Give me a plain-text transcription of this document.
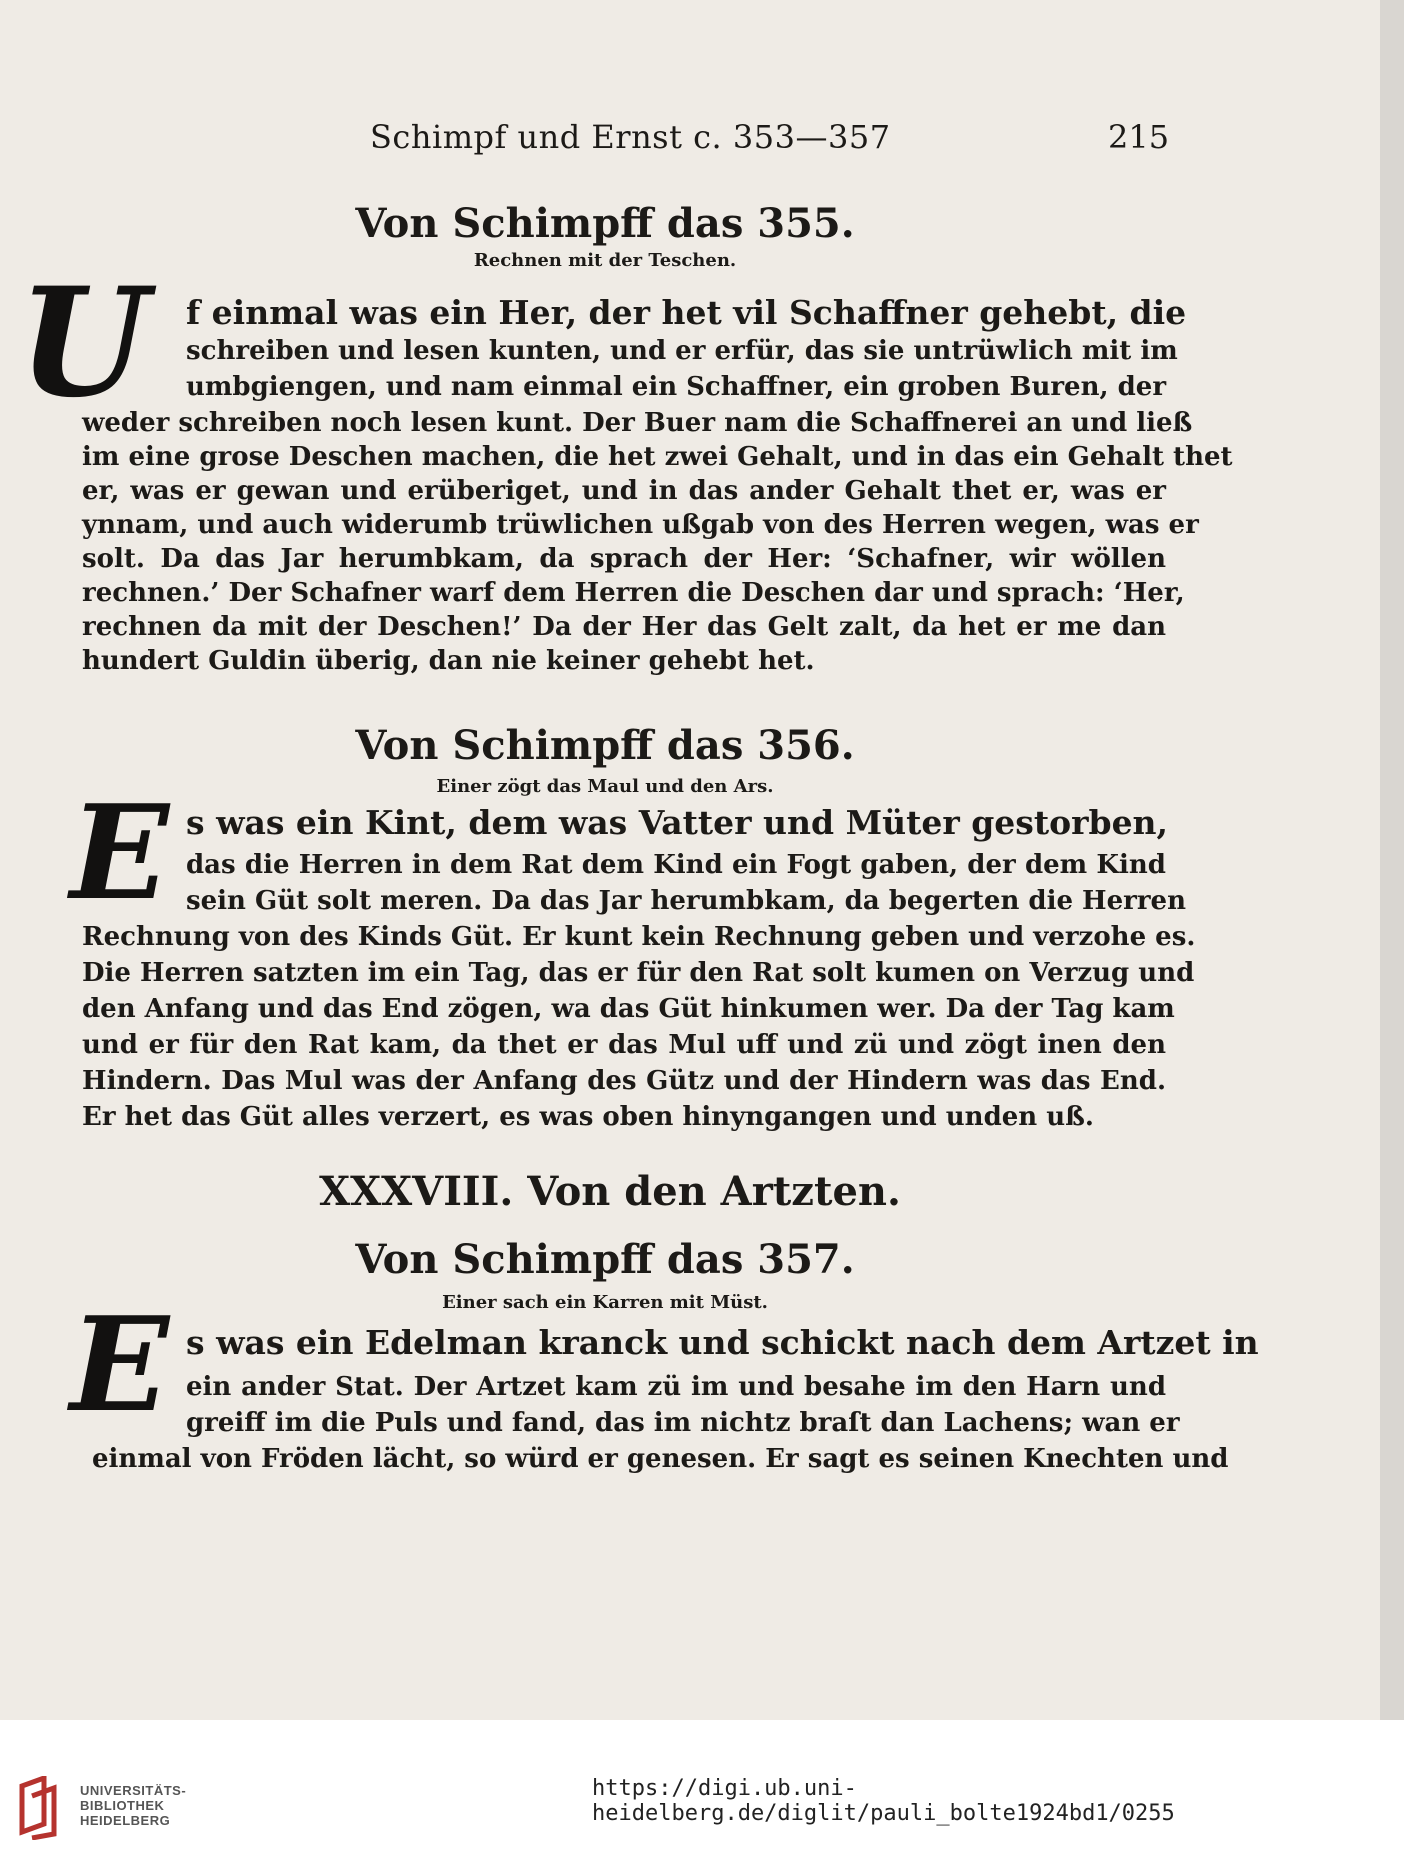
Schimpf und Ernst c. 353—357	215
Von Schimpff das 355.
Rechnen mit der Teschen.
U f einmal was ein Her, der het vil Schaffner gehebt, die
schreiben und lesen kunten, und er erfür, das sie untrüwlich mit im
umbgiengen, und nam einmal ein Schaffner, ein groben Buren, der
weder schreiben noch lesen kunt. Der Buer nam die Schaffnerei an und ließ
im eine grose Deschen machen, die het zwei Gehalt, und in das ein Gehalt thet
er, was er gewan und erüberiget, und in das ander Gehalt thet er, was er
ynnam, und auch widerumb trüwlichen ußgab von des Herren wegen, was er
solt. Da das Jar herumbkam, da sprach der Her: ‘Schafner, wir wöllen
rechnen.’ Der Schafner warf dem Herren die Deschen dar und sprach: ‘Her,
rechnen da mit der Deschen!’ Da der Her das Gelt zalt, da het er me dan
hundert Guldin überig, dan nie keiner gehebt het.
Von Schimpff das 356.
Einer zögt das Maul und den Ars.
E s was ein Kint, dem was Vatter und Müter gestorben,
das die Herren in dem Rat dem Kind ein Fogt gaben, der dem Kind
sein Güt solt meren. Da das Jar herumbkam, da begerten die Herren
Rechnung von des Kinds Güt. Er kunt kein Rechnung geben und verzohe es.
Die Herren satzten im ein Tag, das er für den Rat solt kumen on Verzug und
den Anfang und das End zögen, wa das Güt hinkumen wer. Da der Tag kam
und er für den Rat kam, da thet er das Mul uff und zü und zögt inen den
Hindern. Das Mul was der Anfang des Gütz und der Hindern was das End.
Er het das Güt alles verzert, es was oben hinyngangen und unden uß.
XXXVIII. Von den Artzten.
Von Schimpff das 357.
Einer sach ein Karren mit Müst.
E s was ein Edelman kranck und schickt nach dem Artzet in
ein ander Stat. Der Artzet kam zü im und besahe im den Harn und
greiff im die Puls und fand, das im nichtz braſt dan Lachens; wan er
einmal von Fröden lächt, so würd er genesen. Er sagt es seinen Knechten und
UNIVERSITÄTS-
BIBLIOTHEK
HEIDELBERG
https://digi.ub.uni-heidelberg.de/diglit/pauli_bolte1924bd1/0255
